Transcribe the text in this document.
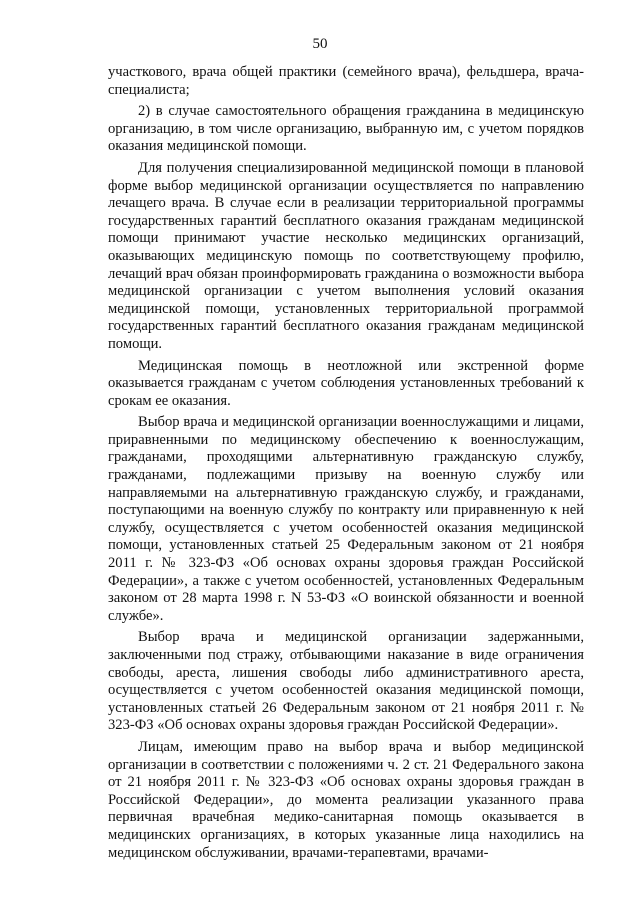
50

участкового, врача общей практики (семейного врача), фельдшера, врача-специалиста;

2) в случае самостоятельного обращения гражданина в медицинскую организацию, в том числе организацию, выбранную им, с учетом порядков оказания медицинской помощи.

Для получения специализированной медицинской помощи в плановой форме выбор медицинской организации осуществляется по направлению лечащего врача. В случае если в реализации территориальной программы государственных гарантий бесплатного оказания гражданам медицинской помощи принимают участие несколько медицинских организаций, оказывающих медицинскую помощь по соответствующему профилю, лечащий врач обязан проинформировать гражданина о возможности выбора медицинской организации с учетом выполнения условий оказания медицинской помощи, установленных территориальной программой государственных гарантий бесплатного оказания гражданам медицинской помощи.

Медицинская помощь в неотложной или экстренной форме оказывается гражданам с учетом соблюдения установленных требований к срокам ее оказания.

Выбор врача и медицинской организации военнослужащими и лицами, приравненными по медицинскому обеспечению к военнослужащим, гражданами, проходящими альтернативную гражданскую службу, гражданами, подлежащими призыву на военную службу или направляемыми на альтернативную гражданскую службу, и гражданами, поступающими на военную службу по контракту или приравненную к ней службу, осуществляется с учетом особенностей оказания медицинской помощи, установленных статьей 25 Федеральным законом от 21 ноября 2011 г. № 323-ФЗ «Об основах охраны здоровья граждан Российской Федерации», а также с учетом особенностей, установленных Федеральным законом от 28 марта 1998 г. N 53-ФЗ «О воинской обязанности и военной службе».

Выбор врача и медицинской организации задержанными, заключенными под стражу, отбывающими наказание в виде ограничения свободы, ареста, лишения свободы либо административного ареста, осуществляется с учетом особенностей оказания медицинской помощи, установленных статьей 26 Федеральным законом от 21 ноября 2011 г. № 323-ФЗ «Об основах охраны здоровья граждан Российской Федерации».

Лицам, имеющим право на выбор врача и выбор медицинской организации в соответствии с положениями ч. 2 ст. 21 Федерального закона от 21 ноября 2011 г. № 323-ФЗ «Об основах охраны здоровья граждан в Российской Федерации», до момента реализации указанного права первичная врачебная медико-санитарная помощь оказывается в медицинских организациях, в которых указанные лица находились на медицинском обслуживании, врачами-терапевтами, врачами-
